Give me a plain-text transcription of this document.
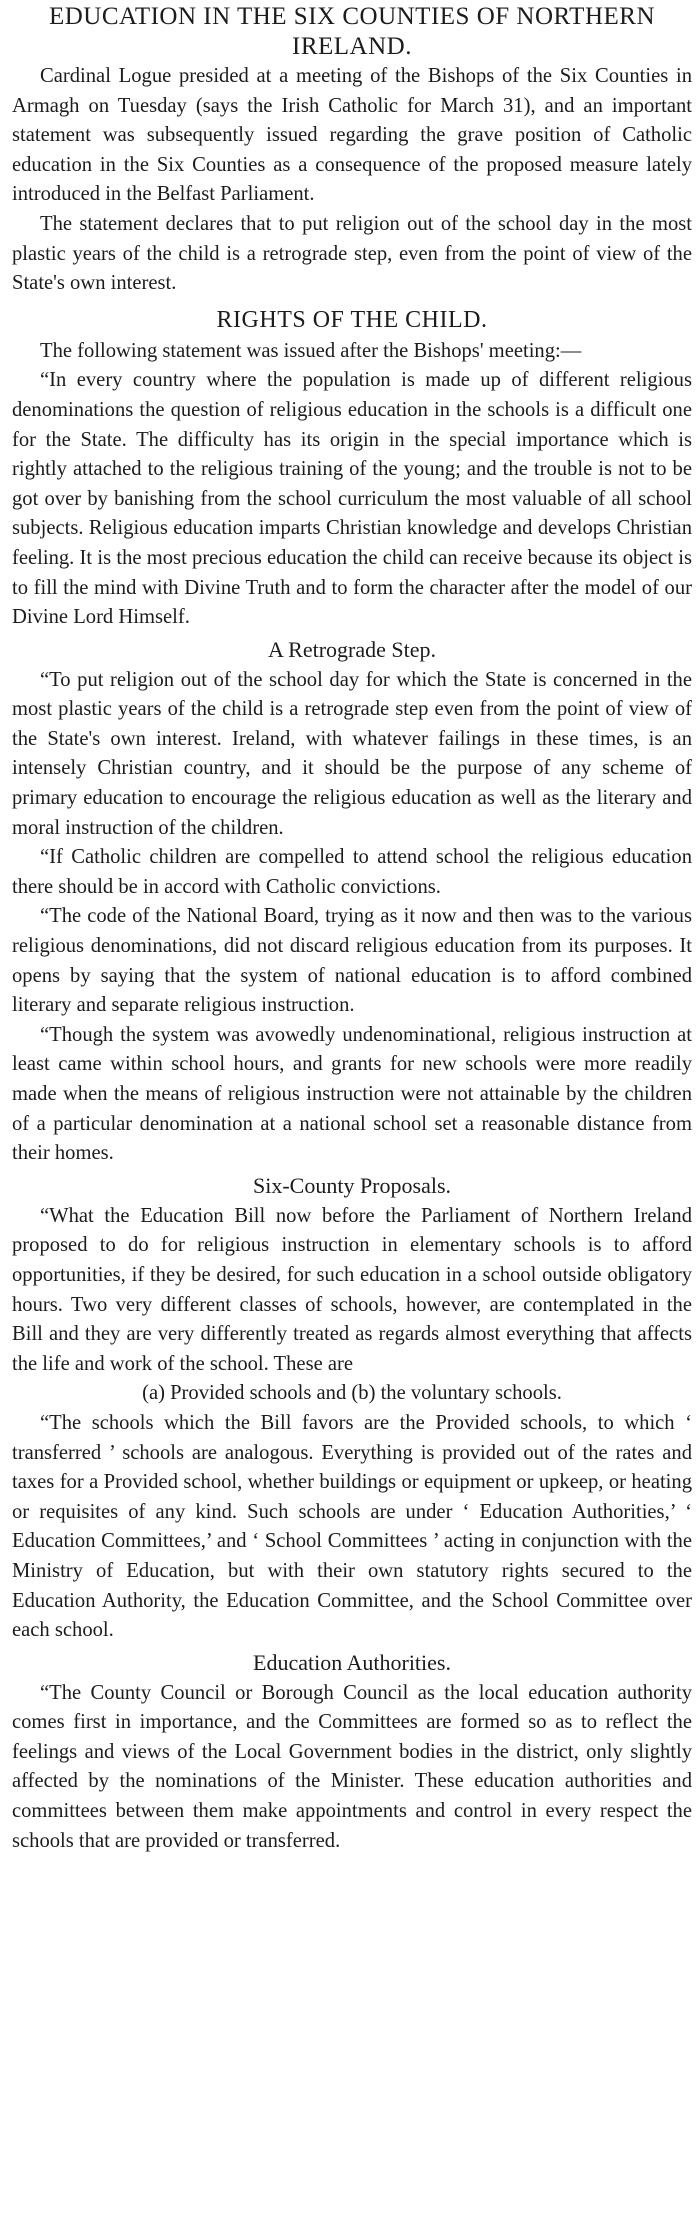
EDUCATION IN THE SIX COUNTIES OF NORTHERN IRELAND.

Cardinal Logue presided at a meeting of the Bishops of the Six Counties in Armagh on Tuesday (says the Irish Catholic for March 31), and an important statement was subsequently issued regarding the grave position of Catholic education in the Six Counties as a consequence of the proposed measure lately introduced in the Belfast Parliament.

The statement declares that to put religion out of the school day in the most plastic years of the child is a retrograde step, even from the point of view of the State's own interest.

RIGHTS OF THE CHILD.

The following statement was issued after the Bishops' meeting:—

“In every country where the population is made up of different religious denominations the question of religious education in the schools is a difficult one for the State. The difficulty has its origin in the special importance which is rightly attached to the religious training of the young; and the trouble is not to be got over by banishing from the school curriculum the most valuable of all school subjects. Religious education imparts Christian knowledge and develops Christian feeling. It is the most precious education the child can receive because its object is to fill the mind with Divine Truth and to form the character after the model of our Divine Lord Himself.

A Retrograde Step.

“To put religion out of the school day for which the State is concerned in the most plastic years of the child is a retrograde step even from the point of view of the State's own interest. Ireland, with whatever failings in these times, is an intensely Christian country, and it should be the purpose of any scheme of primary education to encourage the religious education as well as the literary and moral instruction of the children.

“If Catholic children are compelled to attend school the religious education there should be in accord with Catholic convictions.

“The code of the National Board, trying as it now and then was to the various religious denominations, did not discard religious education from its purposes. It opens by saying that the system of national education is to afford combined literary and separate religious instruction.

“Though the system was avowedly undenominational, religious instruction at least came within school hours, and grants for new schools were more readily made when the means of religious instruction were not attainable by the children of a particular denomination at a national school set a reasonable distance from their homes.

Six-County Proposals.

“What the Education Bill now before the Parliament of Northern Ireland proposed to do for religious instruction in elementary schools is to afford opportunities, if they be desired, for such education in a school outside obligatory hours. Two very different classes of schools, however, are contemplated in the Bill and they are very differently treated as regards almost everything that affects the life and work of the school. These are

(a) Provided schools and (b) the voluntary schools.

“The schools which the Bill favors are the Provided schools, to which ‘ transferred ’ schools are analogous. Everything is provided out of the rates and taxes for a Provided school, whether buildings or equipment or upkeep, or heating or requisites of any kind. Such schools are under ‘ Education Authorities,’ ‘ Education Committees,’ and ‘ School Committees ’ acting in conjunction with the Ministry of Education, but with their own statutory rights secured to the Education Authority, the Education Committee, and the School Committee over each school.

Education Authorities.

“The County Council or Borough Council as the local education authority comes first in importance, and the Committees are formed so as to reflect the feelings and views of the Local Government bodies in the district, only slightly affected by the nominations of the Minister. These education authorities and committees between them make appointments and control in every respect the schools that are provided or transferred.
